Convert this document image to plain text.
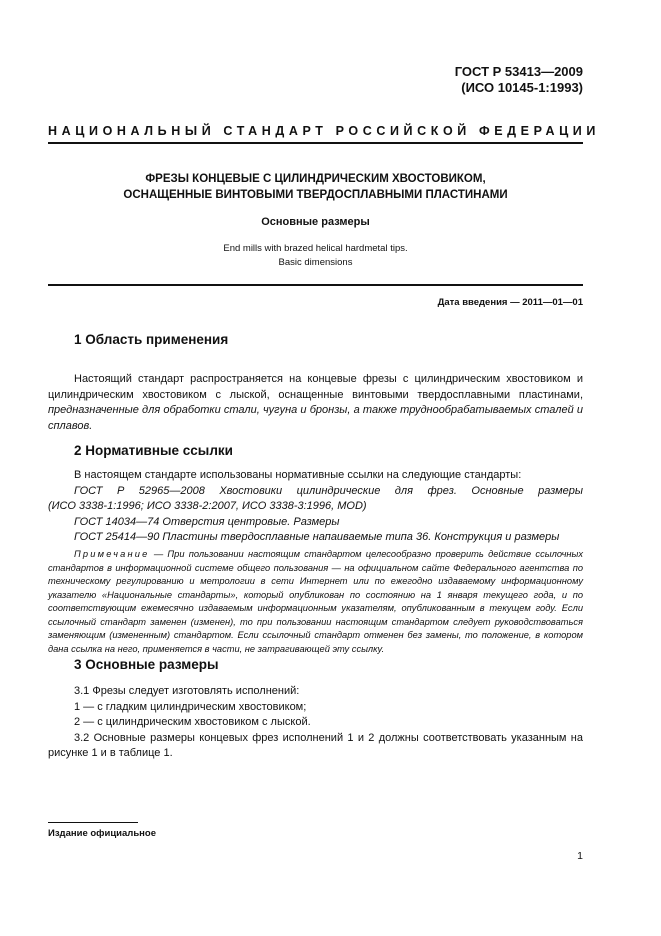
ГОСТ Р 53413—2009
(ИСО 10145-1:1993)
НАЦИОНАЛЬНЫЙ СТАНДАРТ РОССИЙСКОЙ ФЕДЕРАЦИИ
ФРЕЗЫ КОНЦЕВЫЕ С ЦИЛИНДРИЧЕСКИМ ХВОСТОВИКОМ,
ОСНАЩЕННЫЕ ВИНТОВЫМИ ТВЕРДОСПЛАВНЫМИ ПЛАСТИНАМИ
Основные размеры
End mills with brazed helical hardmetal tips.
Basic dimensions
Дата введения — 2011—01—01
1 Область применения

Настоящий стандарт распространяется на концевые фрезы с цилиндрическим хвостовиком и цилиндрическим хвостовиком с лыской, оснащенные винтовыми твердосплавными пластинами, предназначенные для обработки стали, чугуна и бронзы, а также труднообрабатываемых сталей и сплавов.

2 Нормативные ссылки

В настоящем стандарте использованы нормативные ссылки на следующие стандарты:

ГОСТ Р 52965—2008 Хвостовики цилиндрические для фрез. Основные размеры

(ИСО 3338-1:1996; ИСО 3338-2:2007, ИСО 3338-3:1996, MOD)

ГОСТ 14034—74 Отверстия центровые. Размеры

ГОСТ 25414—90 Пластины твердосплавные напаиваемые типа 36. Конструкция и размеры

Примечание — При пользовании настоящим стандартом целесообразно проверить действие ссылочных стандартов в информационной системе общего пользования — на официальном сайте Федерального агентства по техническому регулированию и метрологии в сети Интернет или по ежегодно издаваемому информационному указателю «Национальные стандарты», который опубликован по состоянию на 1 января текущего года, и по соответствующим ежемесячно издаваемым информационным указателям, опубликованным в текущем году. Если ссылочный стандарт заменен (изменен), то при пользовании настоящим стандартом следует руководствоваться заменяющим (измененным) стандартом. Если ссылочный стандарт отменен без замены, то положение, в котором дана ссылка на него, применяется в части, не затрагивающей эту ссылку.
3 Основные размеры

3.1 Фрезы следует изготовлять исполнений:

1 — с гладким цилиндрическим хвостовиком;

2 — с цилиндрическим хвостовиком с лыской.

3.2 Основные размеры концевых фрез исполнений 1 и 2 должны соответствовать указанным на рисунке 1 и в таблице 1.

Издание официальное
1
